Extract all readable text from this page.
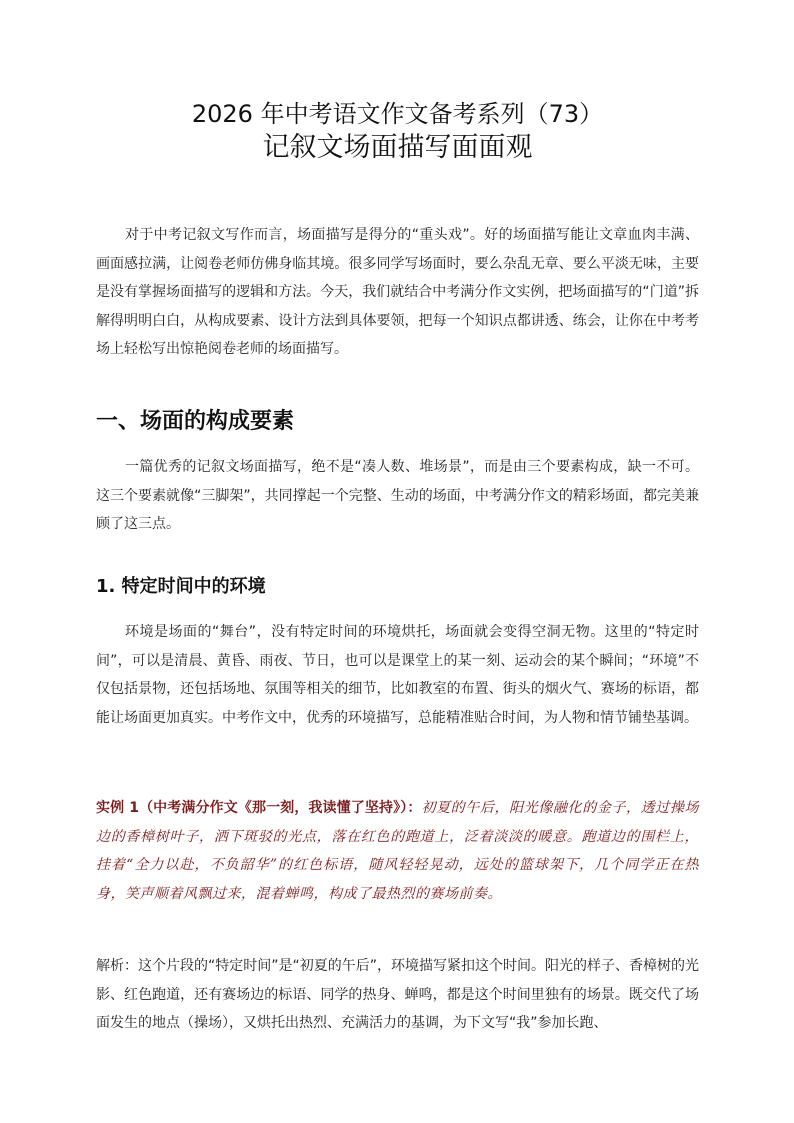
2026 年中考语文作文备考系列（73）
记叙文场面描写面面观

对于中考记叙文写作而言，场面描写是得分的“重头戏”。好的场面描写能让文章血肉丰满、画面感拉满，让阅卷老师仿佛身临其境。很多同学写场面时，要么杂乱无章、要么平淡无味，主要是没有掌握场面描写的逻辑和方法。今天，我们就结合中考满分作文实例，把场面描写的“门道”拆解得明明白白，从构成要素、设计方法到具体要领，把每一个知识点都讲透、练会，让你在中考考场上轻松写出惊艳阅卷老师的场面描写。

一、场面的构成要素

一篇优秀的记叙文场面描写，绝不是“凑人数、堆场景”，而是由三个要素构成，缺一不可。这三个要素就像“三脚架”，共同撑起一个完整、生动的场面，中考满分作文的精彩场面，都完美兼顾了这三点。

1. 特定时间中的环境

环境是场面的“舞台”，没有特定时间的环境烘托，场面就会变得空洞无物。这里的“特定时间”，可以是清晨、黄昏、雨夜、节日，也可以是课堂上的某一刻、运动会的某个瞬间；“环境”不仅包括景物，还包括场地、氛围等相关的细节，比如教室的布置、街头的烟火气、赛场的标语，都能让场面更加真实。中考作文中，优秀的环境描写，总能精准贴合时间，为人物和情节铺垫基调。

实例 1（中考满分作文《那一刻，我读懂了坚持》）：初夏的午后，阳光像融化的金子，透过操场边的香樟树叶子，洒下斑驳的光点，落在红色的跑道上，泛着淡淡的暖意。跑道边的围栏上，挂着“全力以赴，不负韶华”的红色标语，随风轻轻晃动，远处的篮球架下，几个同学正在热身，笑声顺着风飘过来，混着蝉鸣，构成了最热烈的赛场前奏。

解析：这个片段的“特定时间”是“初夏的午后”，环境描写紧扣这个时间。阳光的样子、香樟树的光影、红色跑道，还有赛场边的标语、同学的热身、蝉鸣，都是这个时间里独有的场景。既交代了场面发生的地点（操场），又烘托出热烈、充满活力的基调，为下文写“我”参加长跑、
